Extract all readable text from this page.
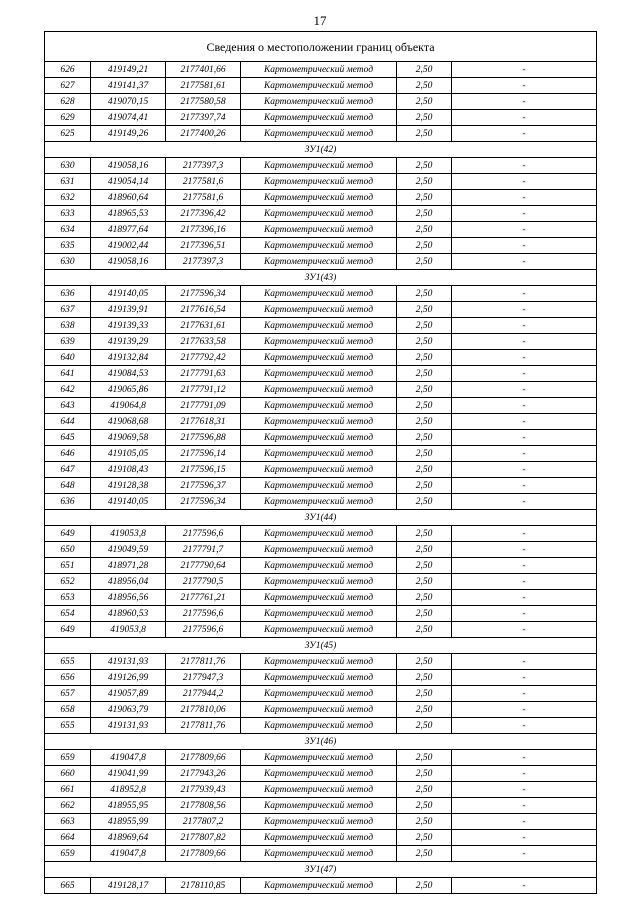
17
Сведения о местоположении границ объекта					
626	419149,21	2177401,66	Картометрический метод	2,50	-
627	419141,37	2177581,61	Картометрический метод	2,50	-
628	419070,15	2177580,58	Картометрический метод	2,50	-
629	419074,41	2177397,74	Картометрический метод	2,50	-
625	419149,26	2177400,26	Картометрический метод	2,50	-
ЗУ1(42)					
630	419058,16	2177397,3	Картометрический метод	2,50	-
631	419054,14	2177581,6	Картометрический метод	2,50	-
632	418960,64	2177581,6	Картометрический метод	2,50	-
633	418965,53	2177396,42	Картометрический метод	2,50	-
634	418977,64	2177396,16	Картометрический метод	2,50	-
635	419002,44	2177396,51	Картометрический метод	2,50	-
630	419058,16	2177397,3	Картометрический метод	2,50	-
ЗУ1(43)					
636	419140,05	2177596,34	Картометрический метод	2,50	-
637	419139,91	2177616,54	Картометрический метод	2,50	-
638	419139,33	2177631,61	Картометрический метод	2,50	-
639	419139,29	2177633,58	Картометрический метод	2,50	-
640	419132,84	2177792,42	Картометрический метод	2,50	-
641	419084,53	2177791,63	Картометрический метод	2,50	-
642	419065,86	2177791,12	Картометрический метод	2,50	-
643	419064,8	2177791,09	Картометрический метод	2,50	-
644	419068,68	2177618,31	Картометрический метод	2,50	-
645	419069,58	2177596,88	Картометрический метод	2,50	-
646	419105,05	2177596,14	Картометрический метод	2,50	-
647	419108,43	2177596,15	Картометрический метод	2,50	-
648	419128,38	2177596,37	Картометрический метод	2,50	-
636	419140,05	2177596,34	Картометрический метод	2,50	-
ЗУ1(44)					
649	419053,8	2177596,6	Картометрический метод	2,50	-
650	419049,59	2177791,7	Картометрический метод	2,50	-
651	418971,28	2177790,64	Картометрический метод	2,50	-
652	418956,04	2177790,5	Картометрический метод	2,50	-
653	418956,56	2177761,21	Картометрический метод	2,50	-
654	418960,53	2177596,6	Картометрический метод	2,50	-
649	419053,8	2177596,6	Картометрический метод	2,50	-
ЗУ1(45)					
655	419131,93	2177811,76	Картометрический метод	2,50	-
656	419126,99	2177947,3	Картометрический метод	2,50	-
657	419057,89	2177944,2	Картометрический метод	2,50	-
658	419063,79	2177810,06	Картометрический метод	2,50	-
655	419131,93	2177811,76	Картометрический метод	2,50	-
ЗУ1(46)					
659	419047,8	2177809,66	Картометрический метод	2,50	-
660	419041,99	2177943,26	Картометрический метод	2,50	-
661	418952,8	2177939,43	Картометрический метод	2,50	-
662	418955,95	2177808,56	Картометрический метод	2,50	-
663	418955,99	2177807,2	Картометрический метод	2,50	-
664	418969,64	2177807,82	Картометрический метод	2,50	-
659	419047,8	2177809,66	Картометрический метод	2,50	-
ЗУ1(47)					
665	419128,17	2178110,85	Картометрический метод	2,50	-
